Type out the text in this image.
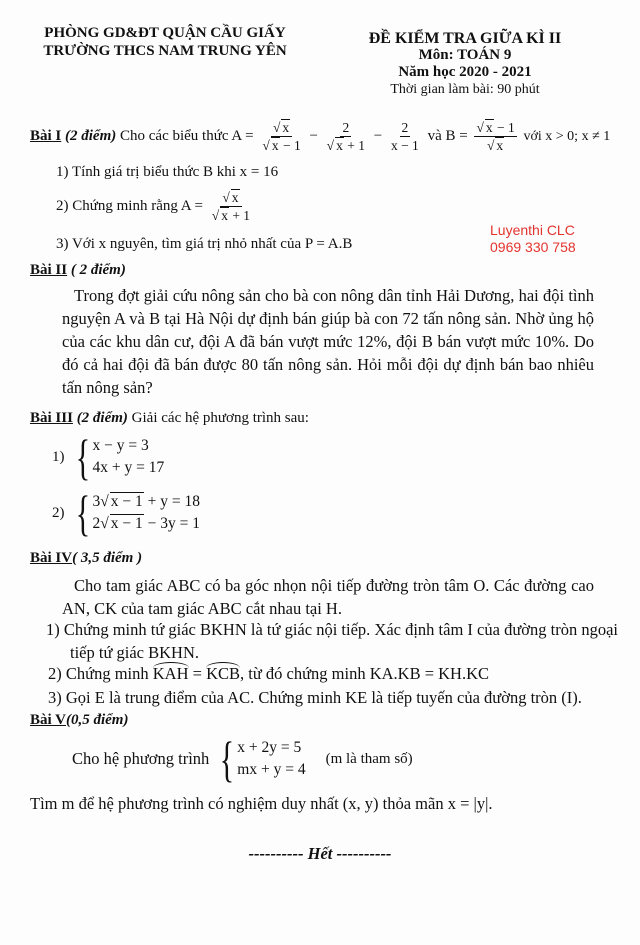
PHÒNG GD&ĐT QUẬN CẦU GIẤY
TRƯỜNG THCS NAM TRUNG YÊN
ĐỀ KIỂM TRA GIỮA KÌ II
Môn: TOÁN 9
Năm học 2020 - 2021
Thời gian làm bài: 90 phút
Bài I (2 điểm) Cho các biểu thức A = √ x
√ x − 1 − 2
√ $x + 1 - \frac{2}{x - 1}$ và B = √ x − 1
√ x với x > 0; x ≠ 1
1) Tính giá trị biểu thức B khi x = 16
2) Chứng minh rằng A = √ x
√ x + 1
Luyenthi CLC
0969 330 758
3) Với x nguyên, tìm giá trị nhỏ nhất của P = A.B
Bài II ( 2 điểm)
Trong đợt giải cứu nông sản cho bà con nông dân tỉnh Hải Dương, hai đội tình nguyện A và B tại Hà Nội dự định bán giúp bà con 72 tấn nông sản. Nhờ ủng hộ của các khu dân cư, đội A đã bán vượt mức 12%, đội B bán vượt mức 10%. Do đó cả hai đội đã bán được 80 tấn nông sản. Hỏi mỗi đội dự định bán bao nhiêu tấn nông sản?
Bài III (2 điểm) Giải các hệ phương trình sau:
1) { x − y = 3
4x + y = 17
2) { 3 √ x − 1 + y = 18
2 √ x − 1 − 3y = 1
Bài IV( 3,5 điểm )
Cho tam giác ABC có ba góc nhọn nội tiếp đường tròn tâm O. Các đường cao AN, CK của tam giác ABC cắt nhau tại H.
1) Chứng minh tứ giác BKHN là tứ giác nội tiếp. Xác định tâm I của đường tròn ngoại tiếp tứ giác BKHN.
2) Chứng minh KAH = KCB, từ đó chứng minh KA.KB = KH.KC
3) Gọi E là trung điểm của AC. Chứng minh KE là tiếp tuyến của đường tròn (I).
Bài V(0,5 điểm)
Cho hệ phương trình { x + 2y = 5
mx + y = 4
(m là tham số)
Tìm m để hệ phương trình có nghiệm duy nhất (x, y) thỏa mãn x = |y|.
---------- Hết ----------
